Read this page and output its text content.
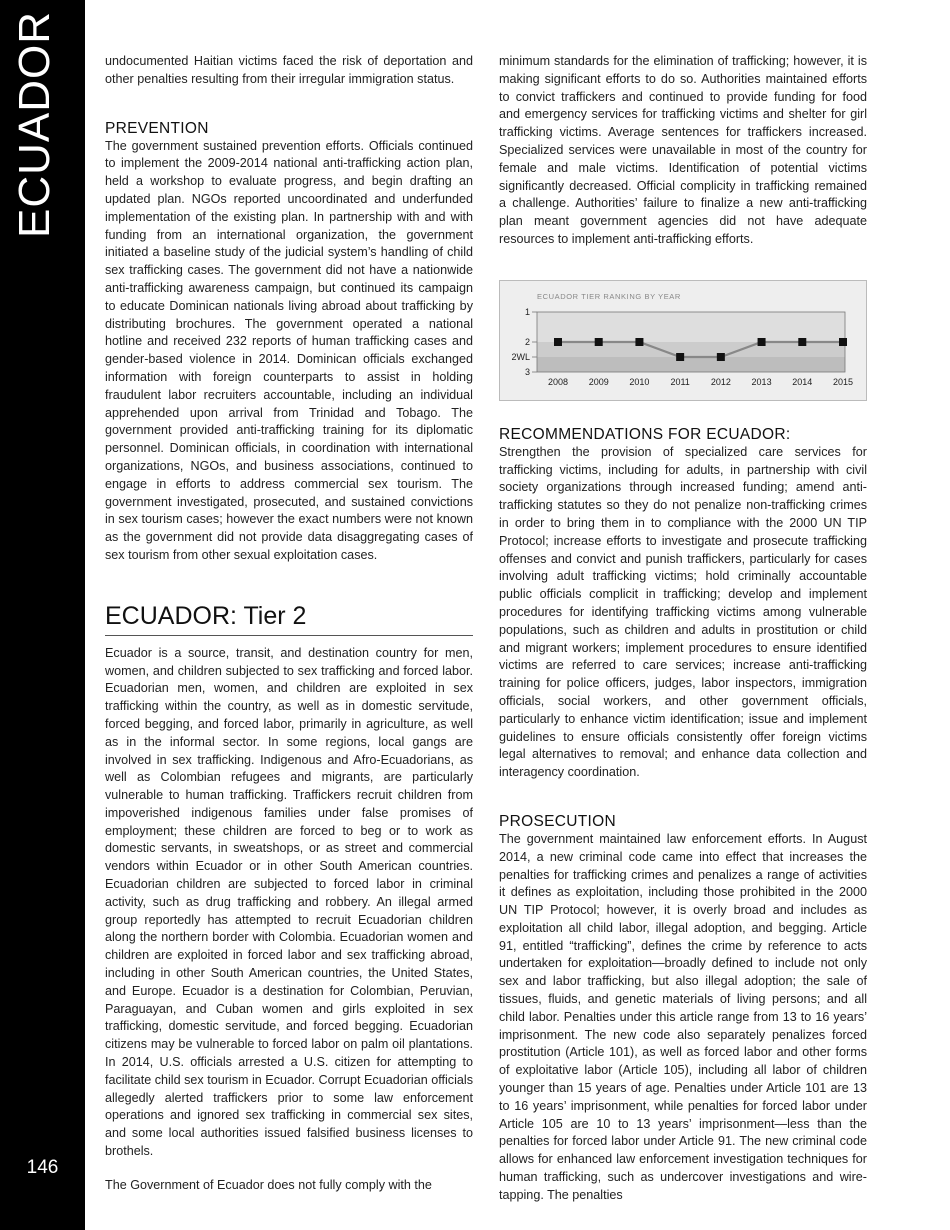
ECUADOR
146

undocumented Haitian victims faced the risk of deportation and other penalties resulting from their irregular immigration status.

PREVENTION

The government sustained prevention efforts. Officials continued to implement the 2009-2014 national anti-trafficking action plan, held a workshop to evaluate progress, and begin drafting an updated plan. NGOs reported uncoordinated and underfunded implementation of the existing plan. In partnership with and with funding from an international organization, the government initiated a baseline study of the judicial system’s handling of child sex trafficking cases. The government did not have a nationwide anti-trafficking awareness campaign, but continued its campaign to educate Dominican nationals living abroad about trafficking by distributing brochures. The government operated a national hotline and received 232 reports of human trafficking cases and gender-based violence in 2014. Dominican officials exchanged information with foreign counterparts to assist in holding fraudulent labor recruiters accountable, including an individual apprehended upon arrival from Trinidad and Tobago. The government provided anti-trafficking training for its diplomatic personnel. Dominican officials, in coordination with international organizations, NGOs, and business associations, continued to engage in efforts to address commercial sex tourism. The government investigated, prosecuted, and sustained convictions in sex tourism cases; however the exact numbers were not known as the government did not provide data disaggregating cases of sex tourism from other sexual exploitation cases.

ECUADOR: Tier 2

Ecuador is a source, transit, and destination country for men, women, and children subjected to sex trafficking and forced labor. Ecuadorian men, women, and children are exploited in sex trafficking within the country, as well as in domestic servitude, forced begging, and forced labor, primarily in agriculture, as well as in the informal sector. In some regions, local gangs are involved in sex trafficking. Indigenous and Afro-Ecuadorians, as well as Colombian refugees and migrants, are particularly vulnerable to human trafficking. Traffickers recruit children from impoverished indigenous families under false promises of employment; these children are forced to beg or to work as domestic servants, in sweatshops, or as street and commercial vendors within Ecuador or in other South American countries. Ecuadorian children are subjected to forced labor in criminal activity, such as drug trafficking and robbery. An illegal armed group reportedly has attempted to recruit Ecuadorian children along the northern border with Colombia. Ecuadorian women and children are exploited in forced labor and sex trafficking abroad, including in other South American countries, the United States, and Europe. Ecuador is a destination for Colombian, Peruvian, Paraguayan, and Cuban women and girls exploited in sex trafficking, domestic servitude, and forced begging. Ecuadorian citizens may be vulnerable to forced labor on palm oil plantations. In 2014, U.S. officials arrested a U.S. citizen for attempting to facilitate child sex tourism in Ecuador. Corrupt Ecuadorian officials allegedly alerted traffickers prior to some law enforcement operations and ignored sex trafficking in commercial sex sites, and some local authorities issued falsified business licenses to brothels.

The Government of Ecuador does not fully comply with the

minimum standards for the elimination of trafficking; however, it is making significant efforts to do so. Authorities maintained efforts to convict traffickers and continued to provide funding for food and emergency services for trafficking victims and shelter for girl trafficking victims. Average sentences for traffickers increased. Specialized services were unavailable in most of the country for female and male victims. Identification of potential victims significantly decreased. Official complicity in trafficking remained a challenge. Authorities’ failure to finalize a new anti-trafficking plan meant government agencies did not have adequate resources to implement anti-trafficking efforts.

ECUADOR TIER RANKING BY YEAR
1
2
2WL
3
2008 2009 2010 2011 2012 2013 2014 2015
RECOMMENDATIONS FOR ECUADOR:

Strengthen the provision of specialized care services for trafficking victims, including for adults, in partnership with civil society organizations through increased funding; amend anti-trafficking statutes so they do not penalize non-trafficking crimes in order to bring them in to compliance with the 2000 UN TIP Protocol; increase efforts to investigate and prosecute trafficking offenses and convict and punish traffickers, particularly for cases involving adult trafficking victims; hold criminally accountable public officials complicit in trafficking; develop and implement procedures for identifying trafficking victims among vulnerable populations, such as children and adults in prostitution or child and migrant workers; implement procedures to ensure identified victims are referred to care services; increase anti-trafficking training for police officers, judges, labor inspectors, immigration officials, social workers, and other government officials, particularly to enhance victim identification; issue and implement guidelines to ensure officials consistently offer foreign victims legal alternatives to removal; and enhance data collection and interagency coordination.

PROSECUTION

The government maintained law enforcement efforts. In August 2014, a new criminal code came into effect that increases the penalties for trafficking crimes and penalizes a range of activities it defines as exploitation, including those prohibited in the 2000 UN TIP Protocol; however, it is overly broad and includes as exploitation all child labor, illegal adoption, and begging. Article 91, entitled “trafficking”, defines the crime by reference to acts undertaken for exploitation—broadly defined to include not only sex and labor trafficking, but also illegal adoption; the sale of tissues, fluids, and genetic materials of living persons; and all child labor. Penalties under this article range from 13 to 16 years’ imprisonment. The new code also separately penalizes forced prostitution (Article 101), as well as forced labor and other forms of exploitative labor (Article 105), including all labor of children younger than 15 years of age. Penalties under Article 101 are 13 to 16 years’ imprisonment, while penalties for forced labor under Article 105 are 10 to 13 years’ imprisonment—less than the penalties for forced labor under Article 91. The new criminal code allows for enhanced law enforcement investigation techniques for human trafficking, such as undercover investigations and wire-tapping. The penalties
